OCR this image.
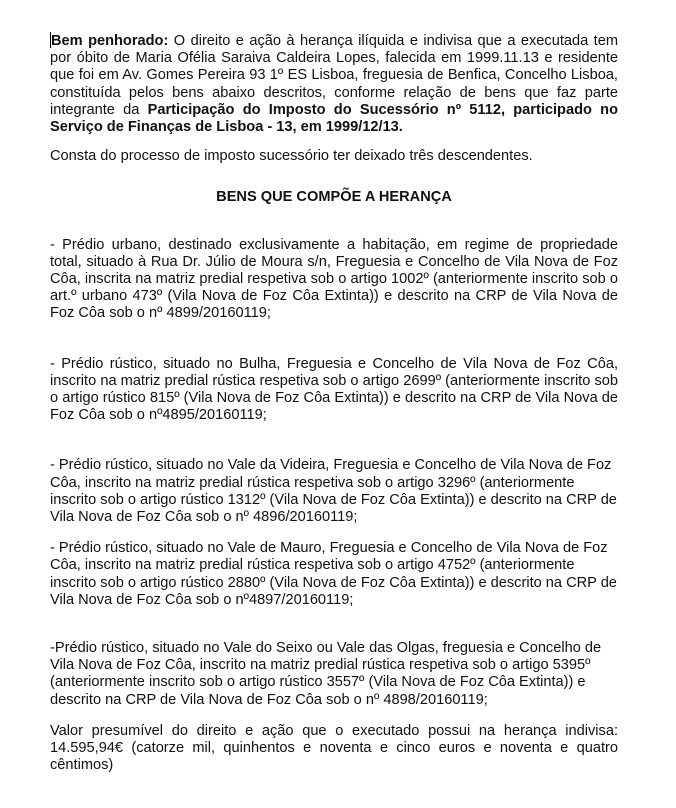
Bem penhorado: O direito e ação à herança ilíquida e indivisa que a executada tem por óbito de Maria Ofélia Saraiva Caldeira Lopes, falecida em 1999.11.13 e residente que foi em Av. Gomes Pereira 93 1º ES Lisboa, freguesia de Benfica, Concelho Lisboa, constituída pelos bens abaixo descritos, conforme relação de bens que faz parte integrante da Participação do Imposto do Sucessório nº 5112, participado no Serviço de Finanças de Lisboa - 13, em 1999/12/13.

Consta do processo de imposto sucessório ter deixado três descendentes.

BENS QUE COMPÕE A HERANÇA

- Prédio urbano, destinado exclusivamente a habitação, em regime de propriedade total, situado à Rua Dr. Júlio de Moura s/n, Freguesia e Concelho de Vila Nova de Foz Côa, inscrita na matriz predial respetiva sob o artigo 1002º (anteriormente inscrito sob o art.º urbano 473º (Vila Nova de Foz Côa Extinta)) e descrito na CRP de Vila Nova de Foz Côa sob o nº 4899/20160119;

- Prédio rústico, situado no Bulha, Freguesia e Concelho de Vila Nova de Foz Côa, inscrito na matriz predial rústica respetiva sob o artigo 2699º (anteriormente inscrito sob o artigo rústico 815º (Vila Nova de Foz Côa Extinta)) e descrito na CRP de Vila Nova de Foz Côa sob o nº4895/20160119;

- Prédio rústico, situado no Vale da Videira, Freguesia e Concelho de Vila Nova de Foz Côa, inscrito na matriz predial rústica respetiva sob o artigo 3296º (anteriormente inscrito sob o artigo rústico 1312º (Vila Nova de Foz Côa Extinta)) e descrito na CRP de Vila Nova de Foz Côa sob o nº 4896/20160119;

- Prédio rústico, situado no Vale de Mauro, Freguesia e Concelho de Vila Nova de Foz Côa, inscrito na matriz predial rústica respetiva sob o artigo 4752º (anteriormente inscrito sob o artigo rústico 2880º (Vila Nova de Foz Côa Extinta)) e descrito na CRP de Vila Nova de Foz Côa sob o nº4897/20160119;

-Prédio rústico, situado no Vale do Seixo ou Vale das Olgas, freguesia e Concelho de Vila Nova de Foz Côa, inscrito na matriz predial rústica respetiva sob o artigo 5395º (anteriormente inscrito sob o artigo rústico 3557º (Vila Nova de Foz Côa Extinta)) e descrito na CRP de Vila Nova de Foz Côa sob o nº 4898/20160119;

Valor presumível do direito e ação que o executado possui na herança indivisa: 14.595,94€ (catorze mil, quinhentos e noventa e cinco euros e noventa e quatro cêntimos)
